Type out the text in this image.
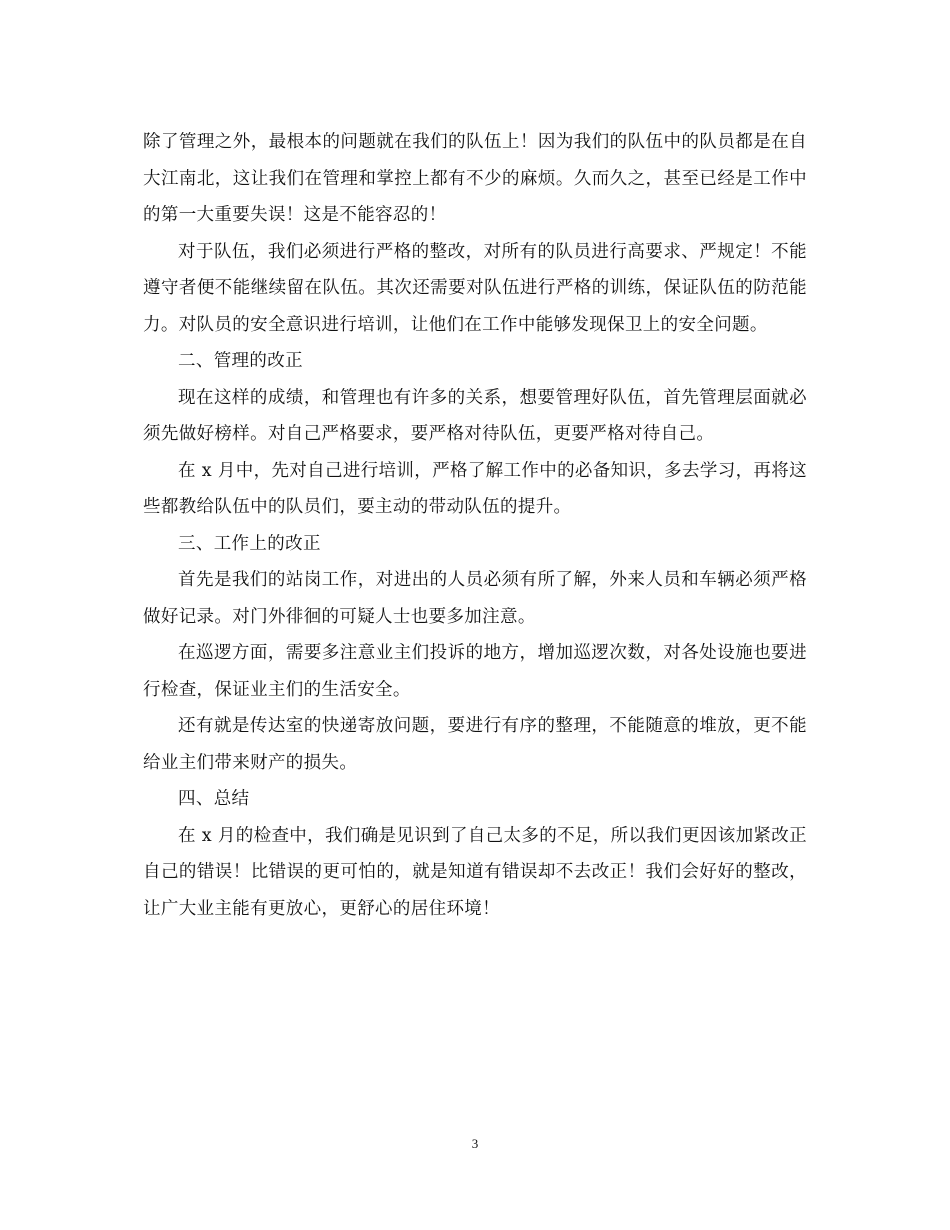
除了管理之外，最根本的问题就在我们的队伍上！因为我们的队伍中的队员都是在自大江南北，这让我们在管理和掌控上都有不少的麻烦。久而久之，甚至已经是工作中的第一大重要失误！这是不能容忍的！

对于队伍，我们必须进行严格的整改，对所有的队员进行高要求、严规定！不能遵守者便不能继续留在队伍。其次还需要对队伍进行严格的训练，保证队伍的防范能力。对队员的安全意识进行培训，让他们在工作中能够发现保卫上的安全问题。

二、管理的改正

现在这样的成绩，和管理也有许多的关系，想要管理好队伍，首先管理层面就必须先做好榜样。对自己严格要求，要严格对待队伍，更要严格对待自己。

在 x 月中，先对自己进行培训，严格了解工作中的必备知识，多去学习，再将这些都教给队伍中的队员们，要主动的带动队伍的提升。

三、工作上的改正

首先是我们的站岗工作，对进出的人员必须有所了解，外来人员和车辆必须严格做好记录。对门外徘徊的可疑人士也要多加注意。

在巡逻方面，需要多注意业主们投诉的地方，增加巡逻次数，对各处设施也要进行检查，保证业主们的生活安全。

还有就是传达室的快递寄放问题，要进行有序的整理，不能随意的堆放，更不能给业主们带来财产的损失。

四、总结

在 x 月的检查中，我们确是见识到了自己太多的不足，所以我们更因该加紧改正自己的错误！比错误的更可怕的，就是知道有错误却不去改正！我们会好好的整改，让广大业主能有更放心，更舒心的居住环境！

3
